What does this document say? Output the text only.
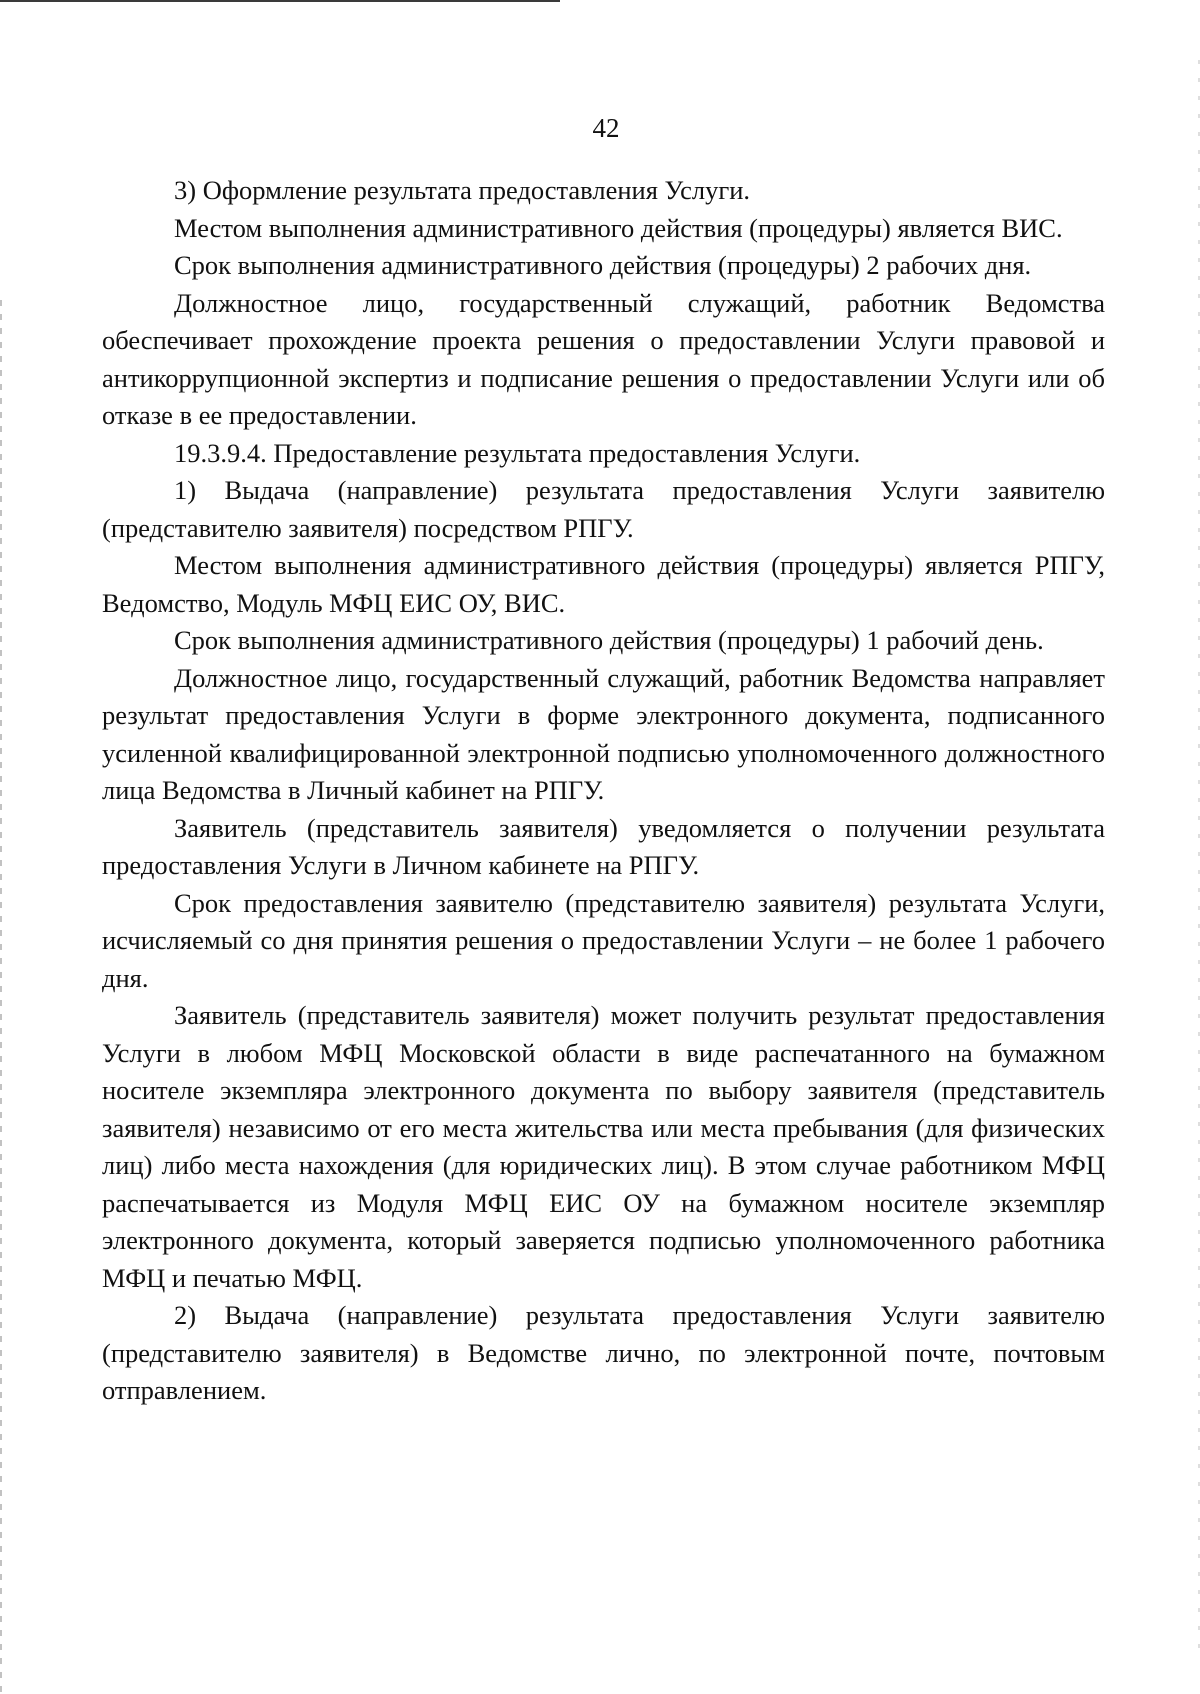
42

3) Оформление результата предоставления Услуги.

Местом выполнения административного действия (процедуры) является ВИС.

Срок выполнения административного действия (процедуры) 2 рабочих дня.

Должностное лицо, государственный служащий, работник Ведомства обеспечивает прохождение проекта решения о предоставлении Услуги правовой и антикоррупционной экспертиз и подписание решения о предоставлении Услуги или об отказе в ее предоставлении.

19.3.9.4. Предоставление результата предоставления Услуги.

1) Выдача (направление) результата предоставления Услуги заявителю (представителю заявителя) посредством РПГУ.

Местом выполнения административного действия (процедуры) является РПГУ, Ведомство, Модуль МФЦ ЕИС ОУ, ВИС.

Срок выполнения административного действия (процедуры) 1 рабочий день.

Должностное лицо, государственный служащий, работник Ведомства направляет результат предоставления Услуги в форме электронного документа, подписанного усиленной квалифицированной электронной подписью уполномоченного должностного лица Ведомства в Личный кабинет на РПГУ.

Заявитель (представитель заявителя) уведомляется о получении результата предоставления Услуги в Личном кабинете на РПГУ.

Срок предоставления заявителю (представителю заявителя) результата Услуги, исчисляемый со дня принятия решения о предоставлении Услуги – не более 1 рабочего дня.

Заявитель (представитель заявителя) может получить результат предоставления Услуги в любом МФЦ Московской области в виде распечатанного на бумажном носителе экземпляра электронного документа по выбору заявителя (представитель заявителя) независимо от его места жительства или места пребывания (для физических лиц) либо места нахождения (для юридических лиц). В этом случае работником МФЦ распечатывается из Модуля МФЦ ЕИС ОУ на бумажном носителе экземпляр электронного документа, который заверяется подписью уполномоченного работника МФЦ и печатью МФЦ.

2) Выдача (направление) результата предоставления Услуги заявителю (представителю заявителя) в Ведомстве лично, по электронной почте, почтовым отправлением.
